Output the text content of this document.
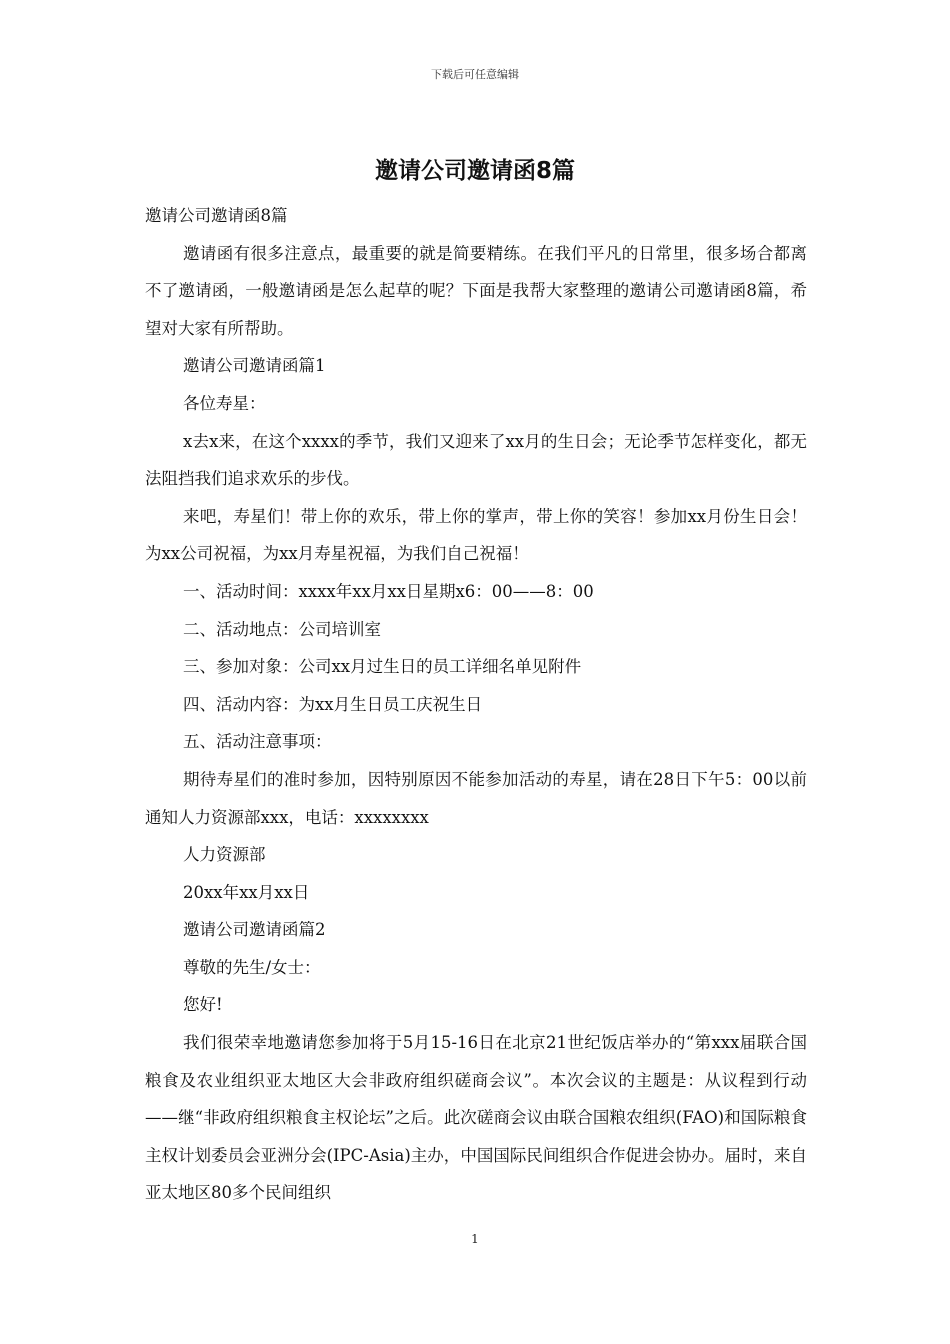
下载后可任意编辑
邀请公司邀请函8篇

邀请公司邀请函8篇

邀请函有很多注意点，最重要的就是简要精练。在我们平凡的日常里，很多场合都离不了邀请函，一般邀请函是怎么起草的呢？下面是我帮大家整理的邀请公司邀请函8篇，希望对大家有所帮助。

邀请公司邀请函篇1

各位寿星：

x去x来，在这个xxxx的季节，我们又迎来了xx月的生日会；无论季节怎样变化，都无法阻挡我们追求欢乐的步伐。

来吧，寿星们！带上你的欢乐，带上你的掌声，带上你的笑容！参加xx月份生日会！为xx公司祝福，为xx月寿星祝福，为我们自己祝福！

一、活动时间：xxxx年xx月xx日星期x6：00——8：00

二、活动地点：公司培训室

三、参加对象：公司xx月过生日的员工详细名单见附件

四、活动内容：为xx月生日员工庆祝生日

五、活动注意事项：

期待寿星们的准时参加，因特别原因不能参加活动的寿星，请在28日下午5：00以前通知人力资源部xxx，电话：xxxxxxxx

人力资源部

20xx年xx月xx日

邀请公司邀请函篇2

尊敬的先生/女士：

您好!

我们很荣幸地邀请您参加将于5月15-16日在北京21世纪饭店举办的“第xxx届联合国粮食及农业组织亚太地区大会非政府组织磋商会议”。本次会议的主题是：从议程到行动——继“非政府组织粮食主权论坛”之后。此次磋商会议由联合国粮农组织(FAO)和国际粮食主权计划委员会亚洲分会(IPC-Asia)主办，中国国际民间组织合作促进会协办。届时，来自亚太地区80多个民间组织

1
